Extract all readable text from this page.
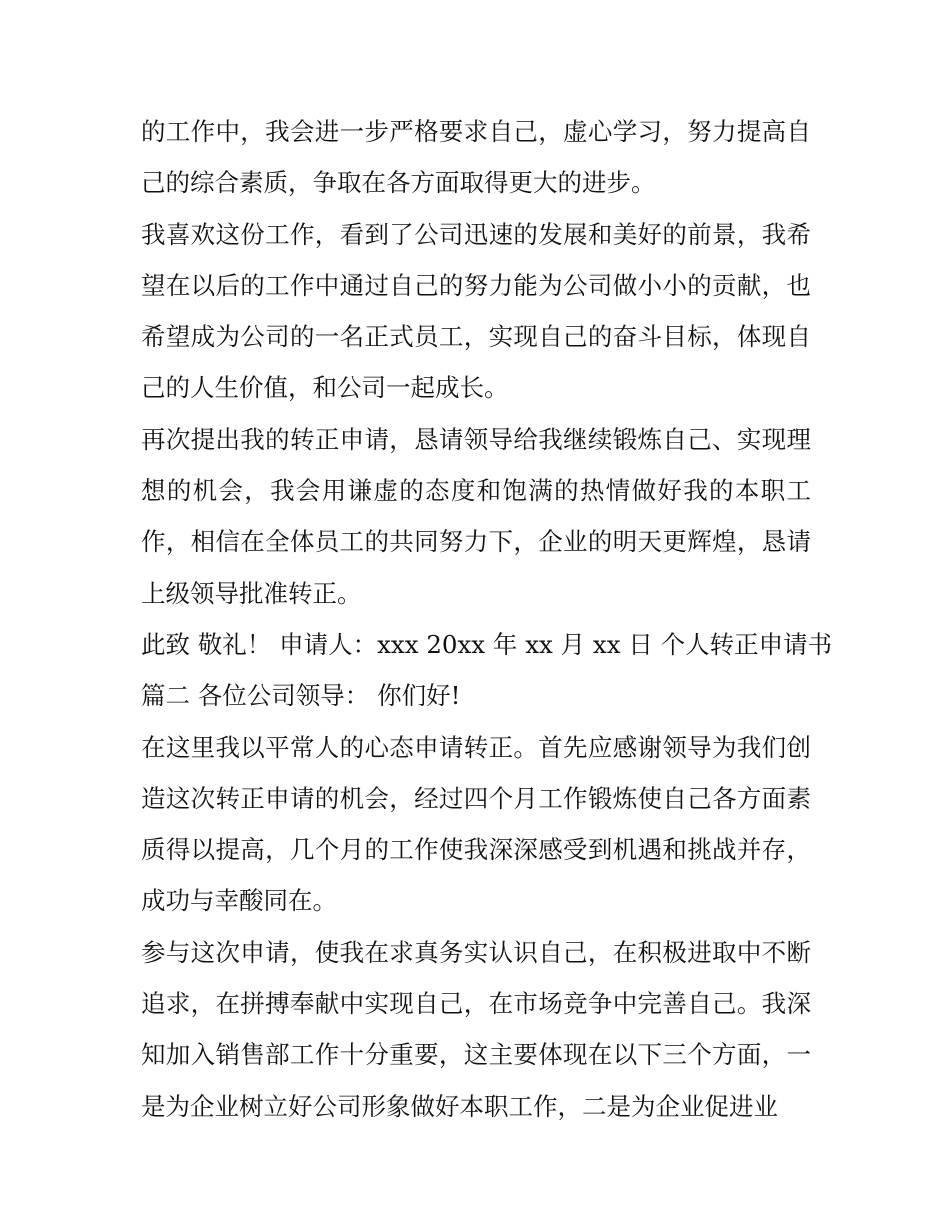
的工作中，我会进一步严格要求自己，虚心学习，努力提高自
己的综合素质，争取在各方面取得更大的进步。
我喜欢这份工作，看到了公司迅速的发展和美好的前景，我希
望在以后的工作中通过自己的努力能为公司做小小的贡献，也
希望成为公司的一名正式员工，实现自己的奋斗目标，体现自
己的人生价值，和公司一起成长。
再次提出我的转正申请，恳请领导给我继续锻炼自己、实现理
想的机会，我会用谦虚的态度和饱满的热情做好我的本职工
作，相信在全体员工的共同努力下，企业的明天更辉煌，恳请
上级领导批准转正。
此致 敬礼！ 申请人：xxx 20xx 年 xx 月 xx 日 个人转正申请书
篇二 各位公司领导： 你们好!
在这里我以平常人的心态申请转正。首先应感谢领导为我们创
造这次转正申请的机会，经过四个月工作锻炼使自己各方面素
质得以提高，几个月的工作使我深深感受到机遇和挑战并存，
成功与幸酸同在。
参与这次申请，使我在求真务实认识自己，在积极进取中不断
追求，在拼搏奉献中实现自己，在市场竞争中完善自己。我深
知加入销售部工作十分重要，这主要体现在以下三个方面，一
是为企业树立好公司形象做好本职工作，二是为企业促进业
